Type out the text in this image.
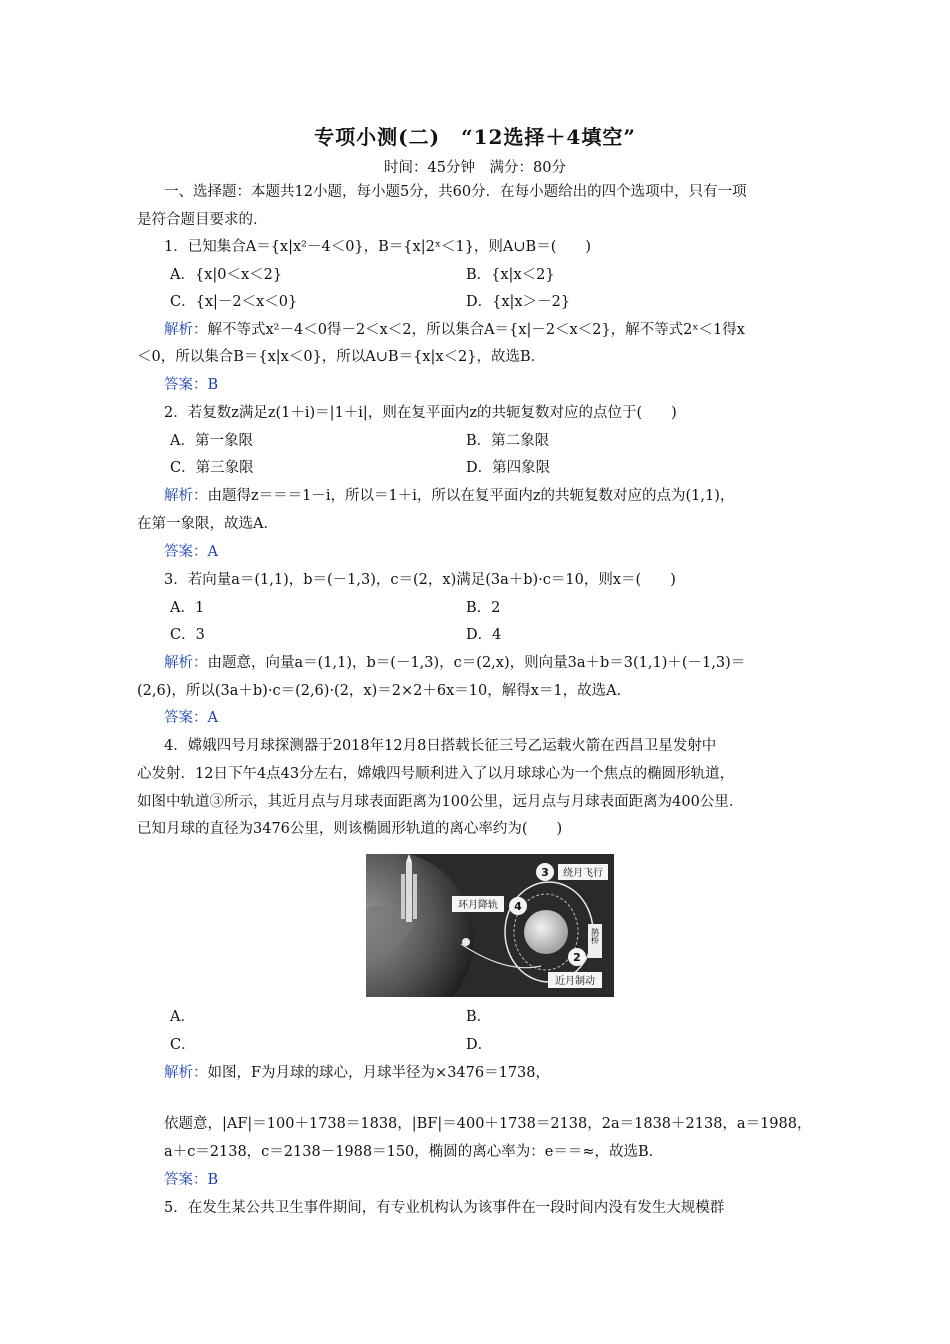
专项小测(二)　“12选择＋4填空”
时间：45分钟　满分：80分
一、选择题：本题共12小题，每小题5分，共60分．在每小题给出的四个选项中，只有一项
是符合题目要求的．
1．已知集合A＝{x|x²－4＜0}，B＝{x|2ˣ＜1}，则A∪B＝(　　)
A．{x|0＜x＜2}	B．{x|x＜2}
C．{x|－2＜x＜0}	D．{x|x＞－2}
解析：解不等式x²－4＜0得－2＜x＜2，所以集合A＝{x|－2＜x＜2}，解不等式2ˣ＜1得x
＜0，所以集合B＝{x|x＜0}，所以A∪B＝{x|x＜2}，故选B．
答案：B
2．若复数z满足z(1＋i)＝|1＋i|，则在复平面内z的共轭复数对应的点位于(　　)
A．第一象限	B．第二象限
C．第三象限	D．第四象限
解析：由题得z＝＝＝1－i，所以＝1＋i，所以在复平面内z的共轭复数对应的点为(1,1)，
在第一象限，故选A．
答案：A
3．若向量a＝(1,1)，b＝(－1,3)，c＝(2，x)满足(3a＋b)·c＝10，则x＝(　　)
A．1	B．2
C．3	D．4
解析：由题意，向量a＝(1,1)，b＝(－1,3)，c＝(2,x)，则向量3a＋b＝3(1,1)＋(－1,3)＝
(2,6)，所以(3a＋b)·c＝(2,6)·(2，x)＝2×2＋6x＝10，解得x＝1，故选A．
答案：A
4．嫦娥四号月球探测器于2018年12月8日搭载长征三号乙运载火箭在西昌卫星发射中
心发射．12日下午4点43分左右，嫦娥四号顺利进入了以月球球心为一个焦点的椭圆形轨道，
如图中轨道③所示，其近月点与月球表面距离为100公里，远月点与月球表面距离为400公里．
已知月球的直径为3476公里，则该椭圆形轨道的离心率约为(　　)
鹊桥
3 绕月飞行
环月降轨 4
2
近月制动
A．	B．
C．	D．
解析：如图，F为月球的球心，月球半径为×3476＝1738，
依题意，|AF|＝100＋1738＝1838，|BF|＝400＋1738＝2138，2a＝1838＋2138，a＝1988，
a＋c＝2138，c＝2138－1988＝150，椭圆的离心率为：e＝＝≈，故选B．
答案：B
5．在发生某公共卫生事件期间，有专业机构认为该事件在一段时间内没有发生大规模群
